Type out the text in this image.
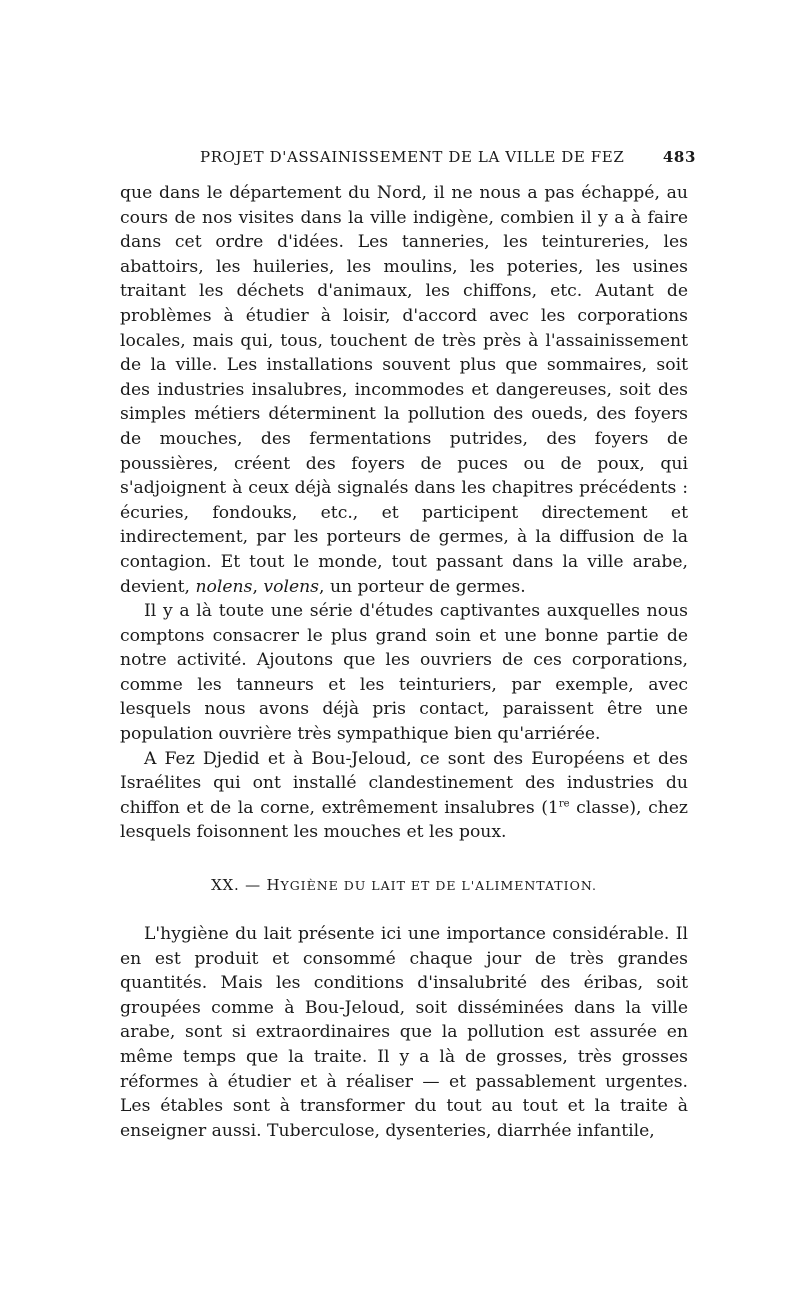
PROJET D'ASSAINISSEMENT DE LA VILLE DE FEZ	483

que dans le département du Nord, il ne nous a pas échappé, au cours de nos visites dans la ville indigène, combien il y a à faire dans cet ordre d'idées. Les tanneries, les teintureries, les abattoirs, les huileries, les moulins, les poteries, les usines traitant les déchets d'animaux, les chiffons, etc. Autant de problèmes à étudier à loisir, d'accord avec les corporations locales, mais qui, tous, touchent de très près à l'assainissement de la ville. Les installations souvent plus que sommaires, soit des industries insalubres, incommodes et dangereuses, soit des simples métiers déterminent la pollution des oueds, des foyers de mouches, des fermentations putrides, des foyers de poussières, créent des foyers de puces ou de poux, qui s'adjoignent à ceux déjà signalés dans les chapitres précédents : écuries, fondouks, etc., et participent directement et indirectement, par les porteurs de germes, à la diffusion de la contagion. Et tout le monde, tout passant dans la ville arabe, devient, nolens, volens, un porteur de germes.

Il y a là toute une série d'études captivantes auxquelles nous comptons consacrer le plus grand soin et une bonne partie de notre activité. Ajoutons que les ouvriers de ces corporations, comme les tanneurs et les teinturiers, par exemple, avec lesquels nous avons déjà pris contact, paraissent être une population ouvrière très sympathique bien qu'arriérée.

A Fez Djedid et à Bou-Jeloud, ce sont des Européens et des Israélites qui ont installé clandestinement des industries du chiffon et de la corne, extrêmement insalubres (1re classe), chez lesquels foisonnent les mouches et les poux.

XX. — HYGIÈNE DU LAIT ET DE L'ALIMENTATION.

L'hygiène du lait présente ici une importance considérable. Il en est produit et consommé chaque jour de très grandes quantités. Mais les conditions d'insalubrité des éribas, soit groupées comme à Bou-Jeloud, soit disséminées dans la ville arabe, sont si extraordinaires que la pollution est assurée en même temps que la traite. Il y a là de grosses, très grosses réformes à étudier et à réaliser — et passablement urgentes. Les étables sont à transformer du tout au tout et la traite à enseigner aussi. Tuberculose, dysenteries, diarrhée infantile,
